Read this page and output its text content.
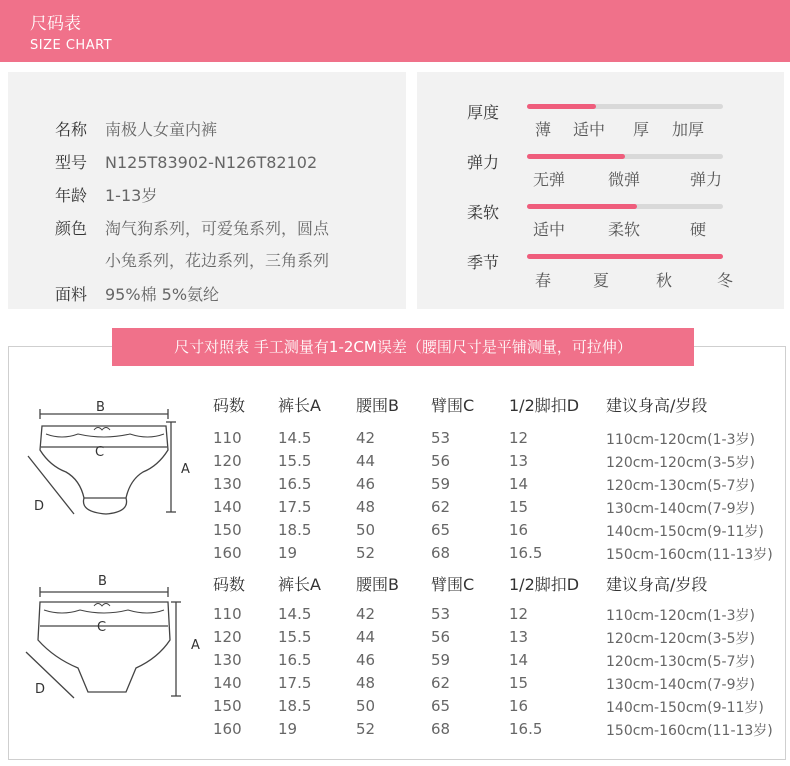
尺码表
SIZE CHART
名称 南极人女童内裤
型号 N125T83902-N126T82102
年龄 1-13岁
颜色 淘气狗系列，可爱兔系列，圆点
小兔系列，花边系列，三角系列
面料 95%棉 5%氨纶
厚度
薄 适中 厚 加厚
弹力
无弹	微弹	弹力
柔软
适中	柔软	硬
季节
春	夏	秋	冬
尺寸对照表 手工测量有1-2CM误差（腰围尺寸是平铺测量，可拉伸）
B
C
A
D
B
C
A
D
码数 裤长A 腰围B 臂围C 1/2脚扣D 建议身高/岁段
110 14.5	42	53	12	110cm-120cm(1-3岁)
120 15.5	44	56	13	120cm-120cm(3-5岁)
130 16.5	46	59	14	120cm-130cm(5-7岁)
140 17.5	48	62	15	130cm-140cm(7-9岁)
150 18.5	50	65	16	140cm-150cm(9-11岁)
160 19	52	68	16.5	150cm-160cm(11-13岁)
码数 裤长A 腰围B 臂围C 1/2脚扣D 建议身高/岁段
110 14.5	42	53	12	110cm-120cm(1-3岁)
120 15.5	44	56	13	120cm-120cm(3-5岁)
130 16.5	46	59	14	120cm-130cm(5-7岁)
140 17.5	48	62	15	130cm-140cm(7-9岁)
150 18.5	50	65	16	140cm-150cm(9-11岁)
160 19	52	68	16.5	150cm-160cm(11-13岁)
